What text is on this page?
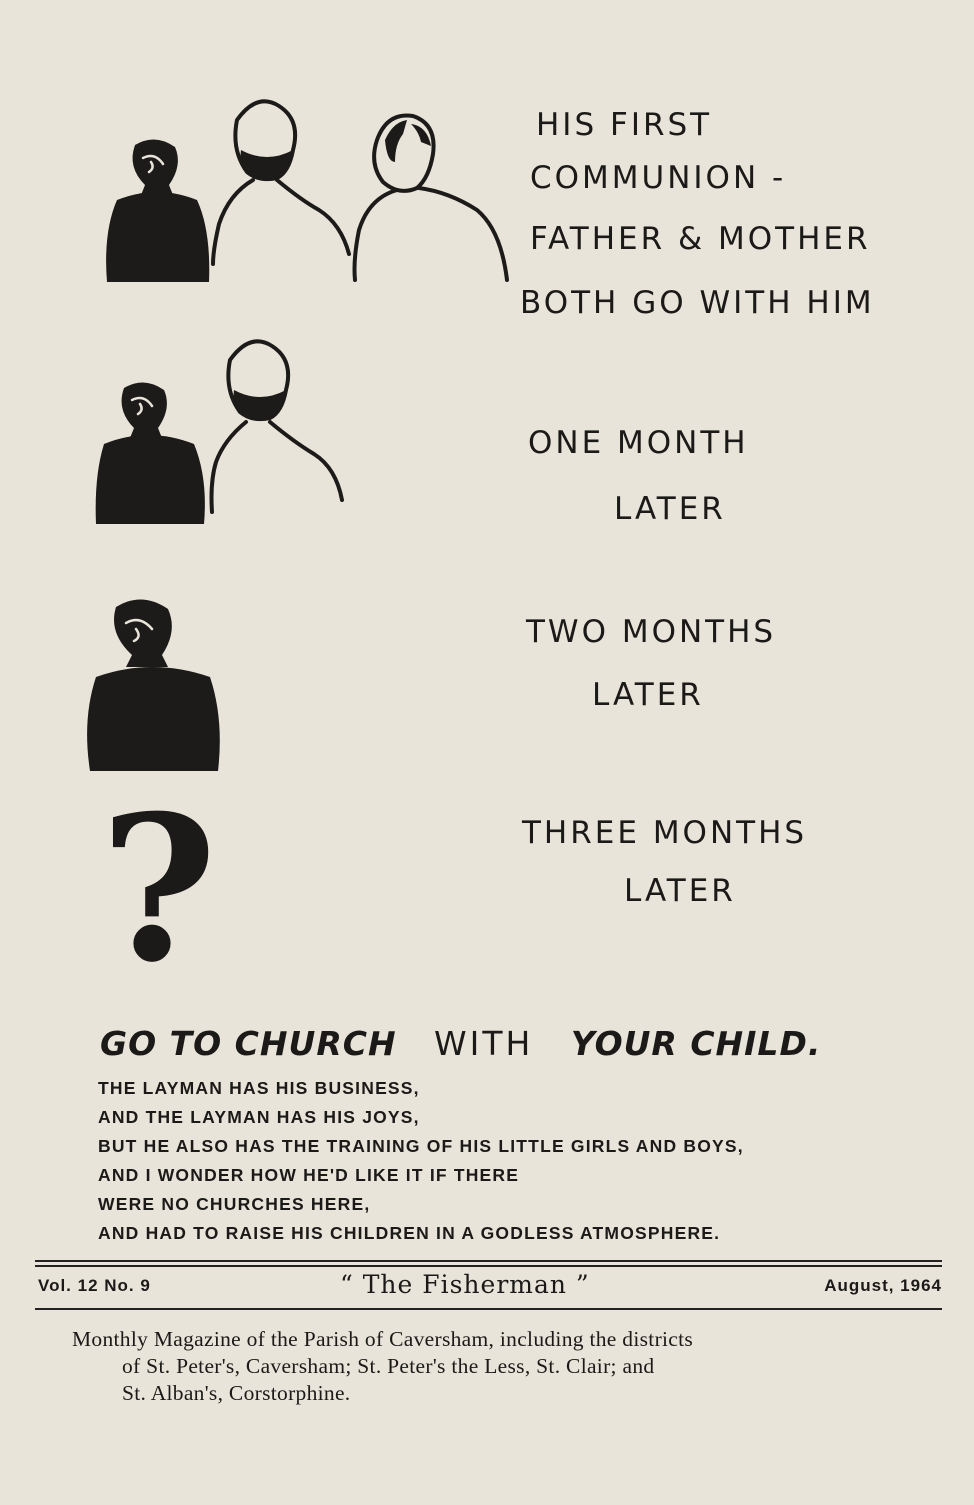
HIS FIRST
COMMUNION -
FATHER & MOTHER
BOTH GO WITH HIM
ONE MONTH
LATER
TWO MONTHS
LATER
?	THREE MONTHS
LATER
GO TO CHURCH WITH YOUR CHILD.
THE LAYMAN HAS HIS BUSINESS,
AND THE LAYMAN HAS HIS JOYS,
BUT HE ALSO HAS THE TRAINING OF HIS LITTLE GIRLS AND BOYS,
AND I WONDER HOW HE'D LIKE IT IF THERE
WERE NO CHURCHES HERE,
AND HAD TO RAISE HIS CHILDREN IN A GODLESS ATMOSPHERE.
Vol. 12 No. 9	“ The Fisherman ”	August, 1964
Monthly Magazine of the Parish of Caversham, including the districts
of St. Peter's, Caversham; St. Peter's the Less, St. Clair; and
St. Alban's, Corstorphine.
